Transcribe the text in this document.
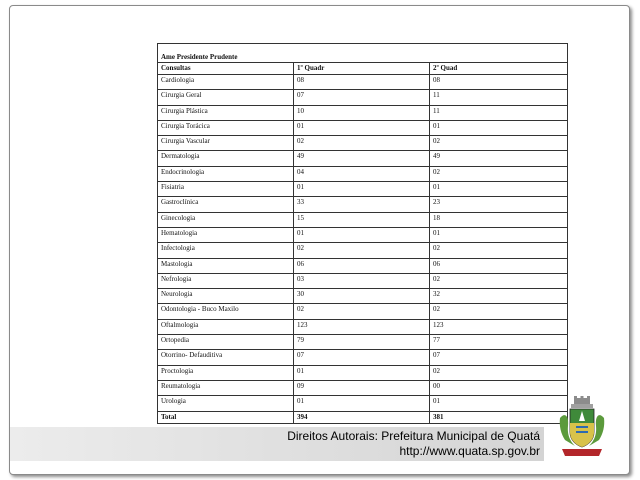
Ame Presidente Prudente		
Consultas	1º Quadr	2º Quad
Cardiologia	08	08
Cirurgia Geral	07	11
Cirurgia Plástica	10	11
Cirurgia Torácica	01	01
Cirurgia Vascular	02	02
Dermatologia	49	49
Endocrinologia	04	02
Fisiatria	01	01
Gastroclínica	33	23
Ginecologia	15	18
Hematologia	01	01
Infectologia	02	02
Mastologia	06	06
Nefrologia	03	02
Neurologia	30	32
Odontologia - Buco Maxilo	02	02
Oftalmologia	123	123
Ortopedia	79	77
Otorrino- Defauditiva	07	07
Proctologia	01	02
Reumatologia	09	00
Urologia	01	01
Total	394	381
Direitos Autorais: Prefeitura Municipal de Quatá
http://www.quata.sp.gov.br
